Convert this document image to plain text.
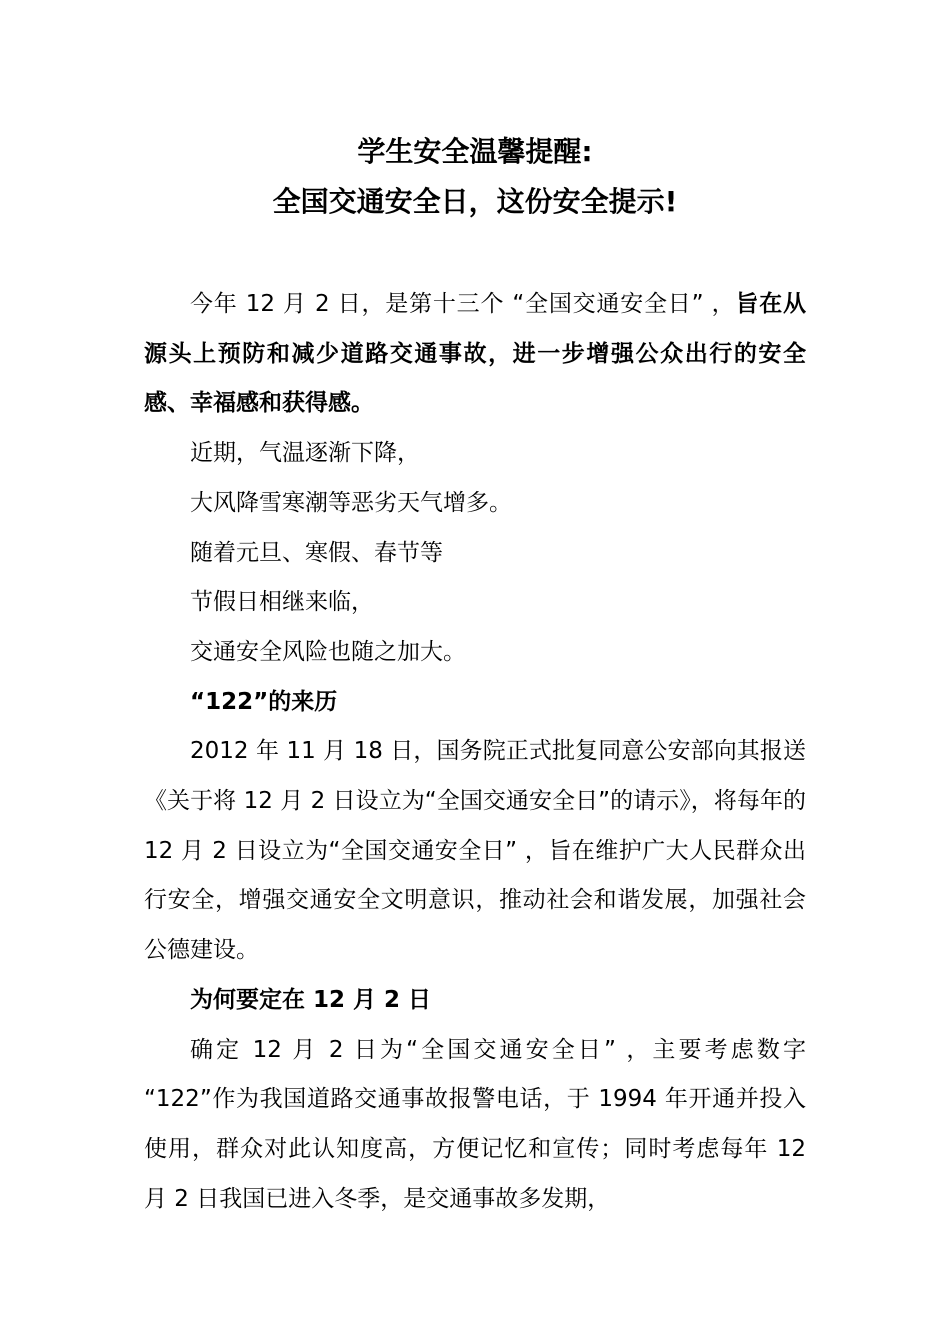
学生安全温馨提醒:
全国交通安全日，这份安全提示!

今年 12 月 2 日，是第十三个 “全国交通安全日” ，旨在从源头上预防和减少道路交通事故，进一步增强公众出行的安全感、幸福感和获得感。

近期，气温逐渐下降，

大风降雪寒潮等恶劣天气增多。

随着元旦、寒假、春节等

节假日相继来临，

交通安全风险也随之加大。

“122”的来历

2012 年 11 月 18 日，国务院正式批复同意公安部向其报送《关于将 12 月 2 日设立为“全国交通安全日”的请示》，将每年的 12 月 2 日设立为“全国交通安全日” ，旨在维护广大人民群众出行安全，增强交通安全文明意识，推动社会和谐发展，加强社会公德建设。

为何要定在 12 月 2 日

确定 12 月 2 日为“全国交通安全日” ，主要考虑数字 “122”作为我国道路交通事故报警电话，于 1994 年开通并投入使用，群众对此认知度高，方便记忆和宣传；同时考虑每年 12 月 2 日我国已进入冬季，是交通事故多发期，
